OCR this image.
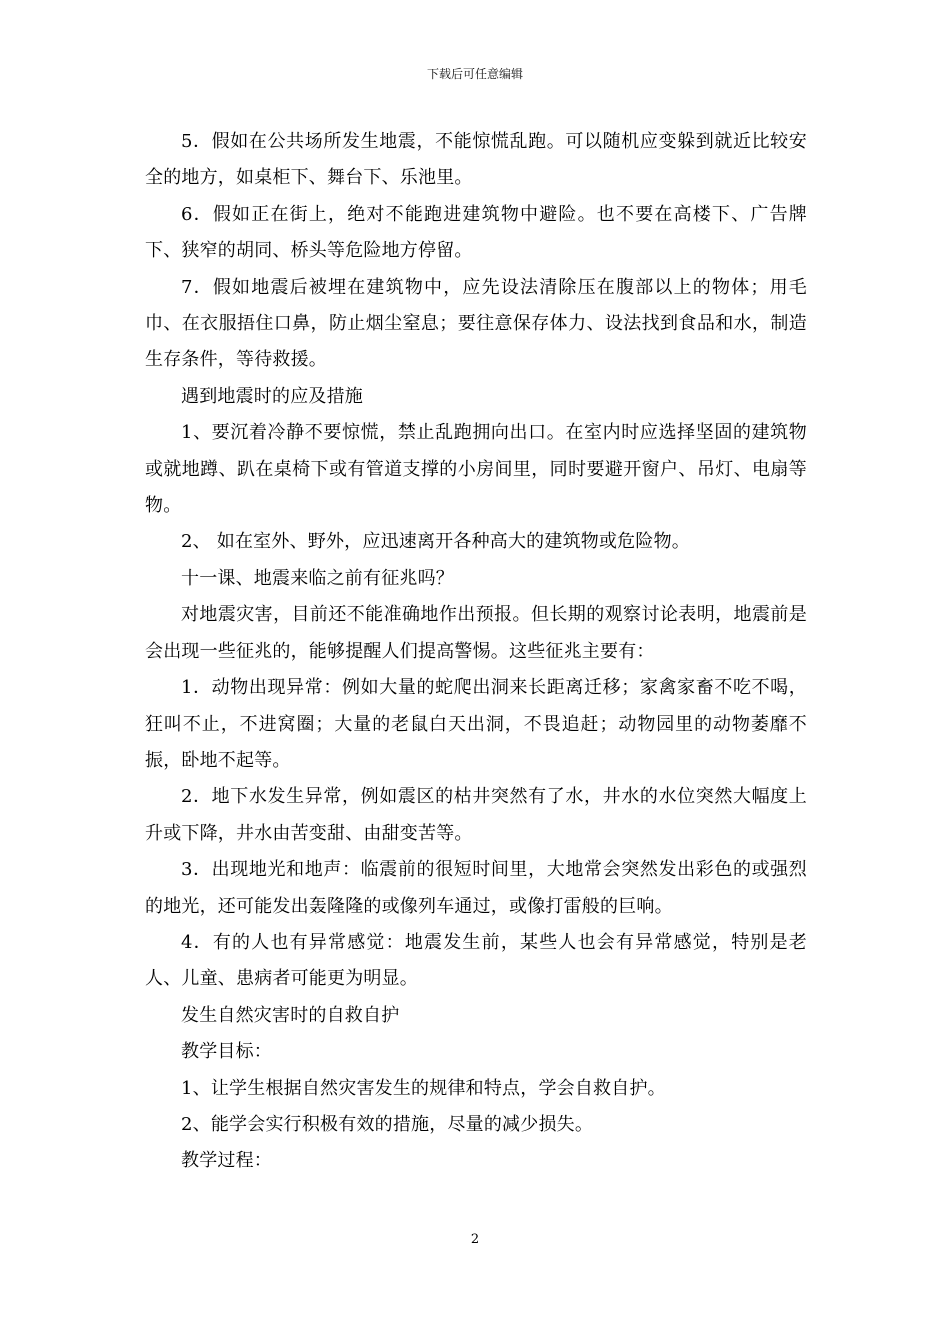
下载后可任意编辑

5．假如在公共场所发生地震，不能惊慌乱跑。可以随机应变躲到就近比较安全的地方，如桌柜下、舞台下、乐池里。

6．假如正在街上，绝对不能跑进建筑物中避险。也不要在高楼下、广告牌下、狭窄的胡同、桥头等危险地方停留。

7．假如地震后被埋在建筑物中，应先设法清除压在腹部以上的物体；用毛巾、在衣服捂住口鼻，防止烟尘窒息；要往意保存体力、设法找到食品和水，制造生存条件，等待救援。

遇到地震时的应及措施

1、要沉着冷静不要惊慌，禁止乱跑拥向出口。在室内时应选择坚固的建筑物或就地蹲、趴在桌椅下或有管道支撑的小房间里，同时要避开窗户、吊灯、电扇等物。

2、 如在室外、野外，应迅速离开各种高大的建筑物或危险物。

十一课、地震来临之前有征兆吗？

对地震灾害，目前还不能准确地作出预报。但长期的观察讨论表明，地震前是会出现一些征兆的，能够提醒人们提高警惕。这些征兆主要有：

1．动物出现异常：例如大量的蛇爬出洞来长距离迁移；家禽家畜不吃不喝，狂叫不止，不进窝圈；大量的老鼠白天出洞，不畏追赶；动物园里的动物萎靡不振，卧地不起等。

2．地下水发生异常，例如震区的枯井突然有了水，井水的水位突然大幅度上升或下降，井水由苦变甜、由甜变苦等。

3．出现地光和地声：临震前的很短时间里，大地常会突然发出彩色的或强烈的地光，还可能发出轰隆隆的或像列车通过，或像打雷般的巨响。

4．有的人也有异常感觉：地震发生前，某些人也会有异常感觉，特别是老人、儿童、患病者可能更为明显。

发生自然灾害时的自救自护

教学目标：

1、让学生根据自然灾害发生的规律和特点，学会自救自护。

2、能学会实行积极有效的措施，尽量的减少损失。

教学过程：

2
